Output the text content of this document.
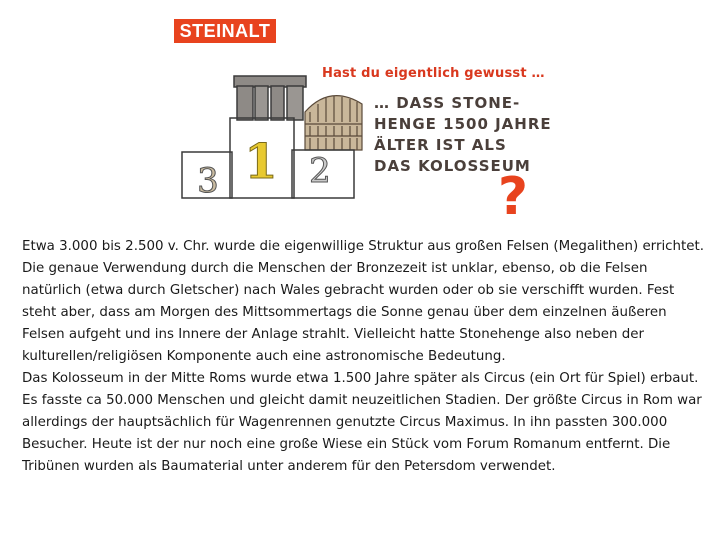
STEINALT
1 2
3	?
Hast du eigentlich gewusst …
… DASS STONE-
HENGE 1500 JAHRE
ÄLTER IST ALS
DAS KOLOSSEUM

Etwa 3.000 bis 2.500 v. Chr. wurde die eigenwillige Struktur aus großen Felsen (Megalithen) errichtet. Die genaue Verwendung durch die Menschen der Bronzezeit ist unklar, ebenso, ob die Felsen natürlich (etwa durch Gletscher) nach Wales gebracht wurden oder ob sie verschifft wurden. Fest steht aber, dass am Morgen des Mittsommertags die Sonne genau über dem einzelnen äußeren Felsen aufgeht und ins Innere der Anlage strahlt. Vielleicht hatte Stonehenge also neben der kulturellen/religiösen Komponente auch eine astronomische Bedeutung.

Das Kolosseum in der Mitte Roms wurde etwa 1.500 Jahre später als Circus (ein Ort für Spiel) erbaut. Es fasste ca 50.000 Menschen und gleicht damit neuzeitlichen Stadien. Der größte Circus in Rom war allerdings der hauptsächlich für Wagenrennen genutzte Circus Maximus. In ihn passten 300.000 Besucher. Heute ist der nur noch eine große Wiese ein Stück vom Forum Romanum entfernt. Die Tribünen wurden als Baumaterial unter anderem für den Petersdom verwendet.
